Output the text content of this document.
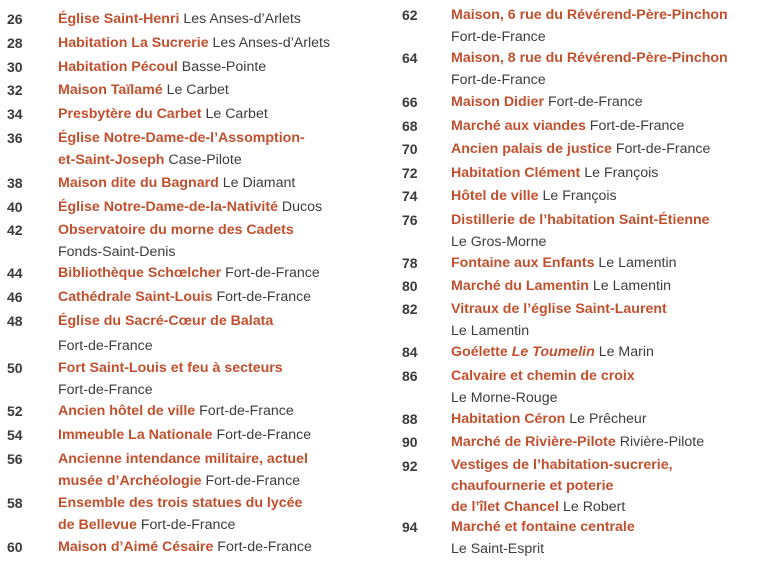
26 Église Saint-Henri Les Anses-d’Arlets
28 Habitation La Sucrerie Les Anses-d’Arlets
30 Habitation Pécoul Basse-Pointe
32 Maison Taïlamé Le Carbet
34 Presbytère du Carbet Le Carbet
36 Église Notre-Dame-de-l’Assomption-
et-Saint-Joseph Case-Pilote
38 Maison dite du Bagnard Le Diamant
40 Église Notre-Dame-de-la-Nativité Ducos
42 Observatoire du morne des Cadets
Fonds-Saint-Denis
44 Bibliothèque Schœlcher Fort-de-France
46 Cathédrale Saint-Louis Fort-de-France
48 Église du Sacré-Cœur de Balata
Fort-de-France
50 Fort Saint-Louis et feu à secteurs
Fort-de-France
52 Ancien hôtel de ville Fort-de-France
54 Immeuble La Nationale Fort-de-France
56 Ancienne intendance militaire, actuel
musée d’Archéologie Fort-de-France
58 Ensemble des trois statues du lycée
de Bellevue Fort-de-France
60 Maison d’Aimé Césaire Fort-de-France
62 Maison, 6 rue du Révérend-Père-Pinchon
Fort-de-France
64 Maison, 8 rue du Révérend-Père-Pinchon
Fort-de-France
66 Maison Didier Fort-de-France
68 Marché aux viandes Fort-de-France
70 Ancien palais de justice Fort-de-France
72 Habitation Clément Le François
74 Hôtel de ville Le François
76 Distillerie de l’habitation Saint-Étienne
Le Gros-Morne
78 Fontaine aux Enfants Le Lamentin
80 Marché du Lamentin Le Lamentin
82 Vitraux de l’église Saint-Laurent
Le Lamentin
84 Goélette Le Toumelin Le Marin
86 Calvaire et chemin de croix
Le Morne-Rouge
88 Habitation Céron Le Prêcheur
90 Marché de Rivière-Pilote Rivière-Pilote
92 Vestiges de l’habitation-sucrerie,
chaufournerie et poterie
de l’îlet Chancel Le Robert
94 Marché et fontaine centrale
Le Saint-Esprit
